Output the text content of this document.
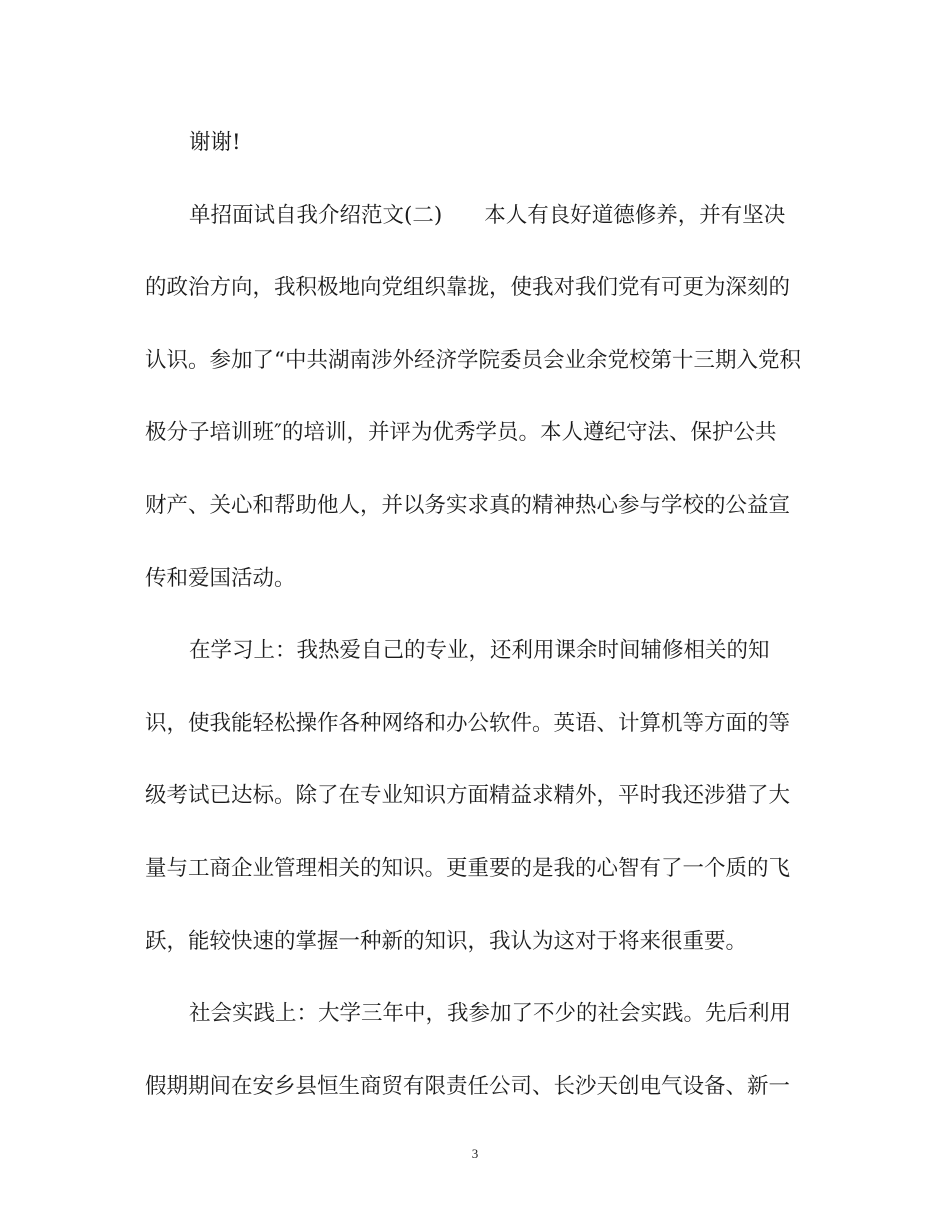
谢谢!
单招面试自我介绍范文(二) 本人有良好道德修养，并有坚决
的政治方向，我积极地向党组织靠拢，使我对我们党有可更为深刻的
认识。参加了“中共湖南涉外经济学院委员会业余党校第十三期入党积
极分子培训班″的培训，并评为优秀学员。本人遵纪守法、保护公共
财产、关心和帮助他人，并以务实求真的精神热心参与学校的公益宣
传和爱国活动。
在学习上：我热爱自己的专业，还利用课余时间辅修相关的知
识，使我能轻松操作各种网络和办公软件。英语、计算机等方面的等
级考试已达标。除了在专业知识方面精益求精外，平时我还涉猎了大
量与工商企业管理相关的知识。更重要的是我的心智有了一个质的飞
跃，能较快速的掌握一种新的知识，我认为这对于将来很重要。
社会实践上：大学三年中，我参加了不少的社会实践。先后利用
假期期间在安乡县恒生商贸有限责任公司、长沙天创电气设备、新一
3
